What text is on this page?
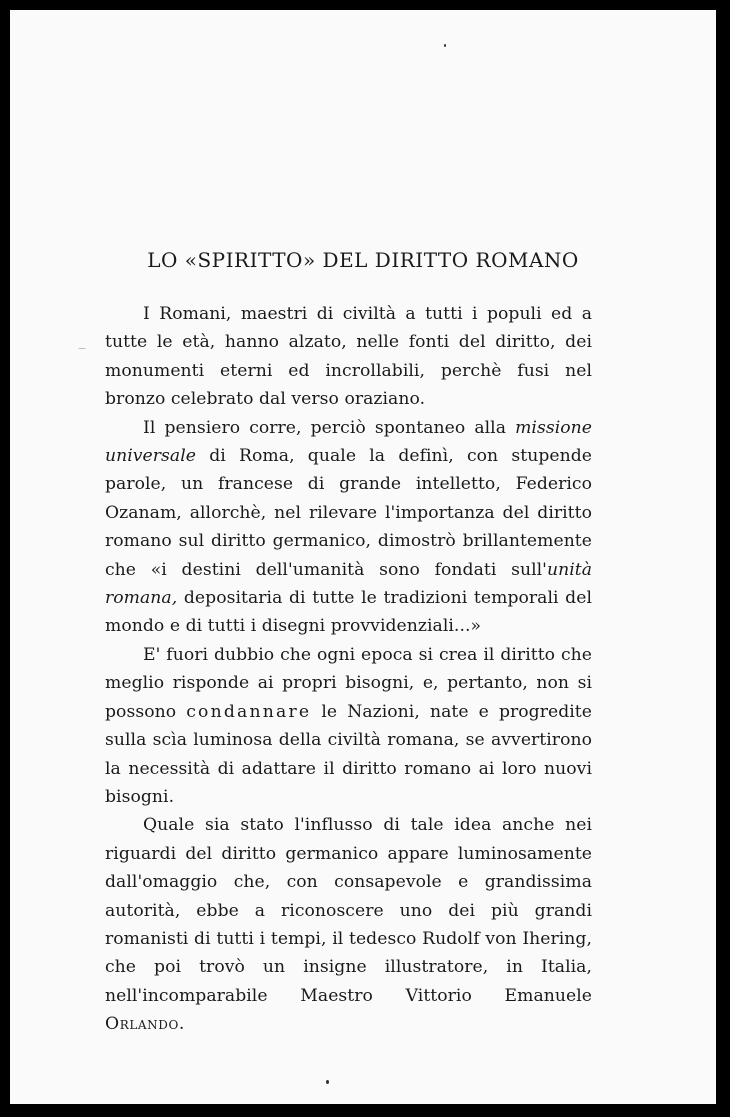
LO «SPIRITTO» DEL DIRITTO ROMANO

I Romani, maestri di civiltà a tutti i populi ed a tutte le età, hanno alzato, nelle fonti del diritto, dei monumenti eterni ed incrollabili, perchè fusi nel bronzo celebrato dal verso oraziano.

Il pensiero corre, perciò spontaneo alla missione universale di Roma, quale la definì, con stupende parole, un francese di grande intelletto, Federico Ozanam, allorchè, nel rilevare l'importanza del diritto romano sul diritto germanico, dimostrò brillantemente che «i destini dell'umanità sono fondati sull'unità romana, depositaria di tutte le tradizioni temporali del mondo e di tutti i disegni provvidenziali...»

E' fuori dubbio che ogni epoca si crea il diritto che meglio risponde ai propri bisogni, e, pertanto, non si possono condannare le Nazioni, nate e progredite sulla scìa luminosa della civiltà romana, se avvertirono la necessità di adattare il diritto romano ai loro nuovi bisogni.

Quale sia stato l'influsso di tale idea anche nei riguardi del diritto germanico appare luminosamente dall'omaggio che, con consapevole e grandissima autorità, ebbe a riconoscere uno dei più grandi romanisti di tutti i tempi, il tedesco Rudolf von Ihering, che poi trovò un insigne illustratore, in Italia, nell'incomparabile Maestro Vittorio Emanuele Orlando.
